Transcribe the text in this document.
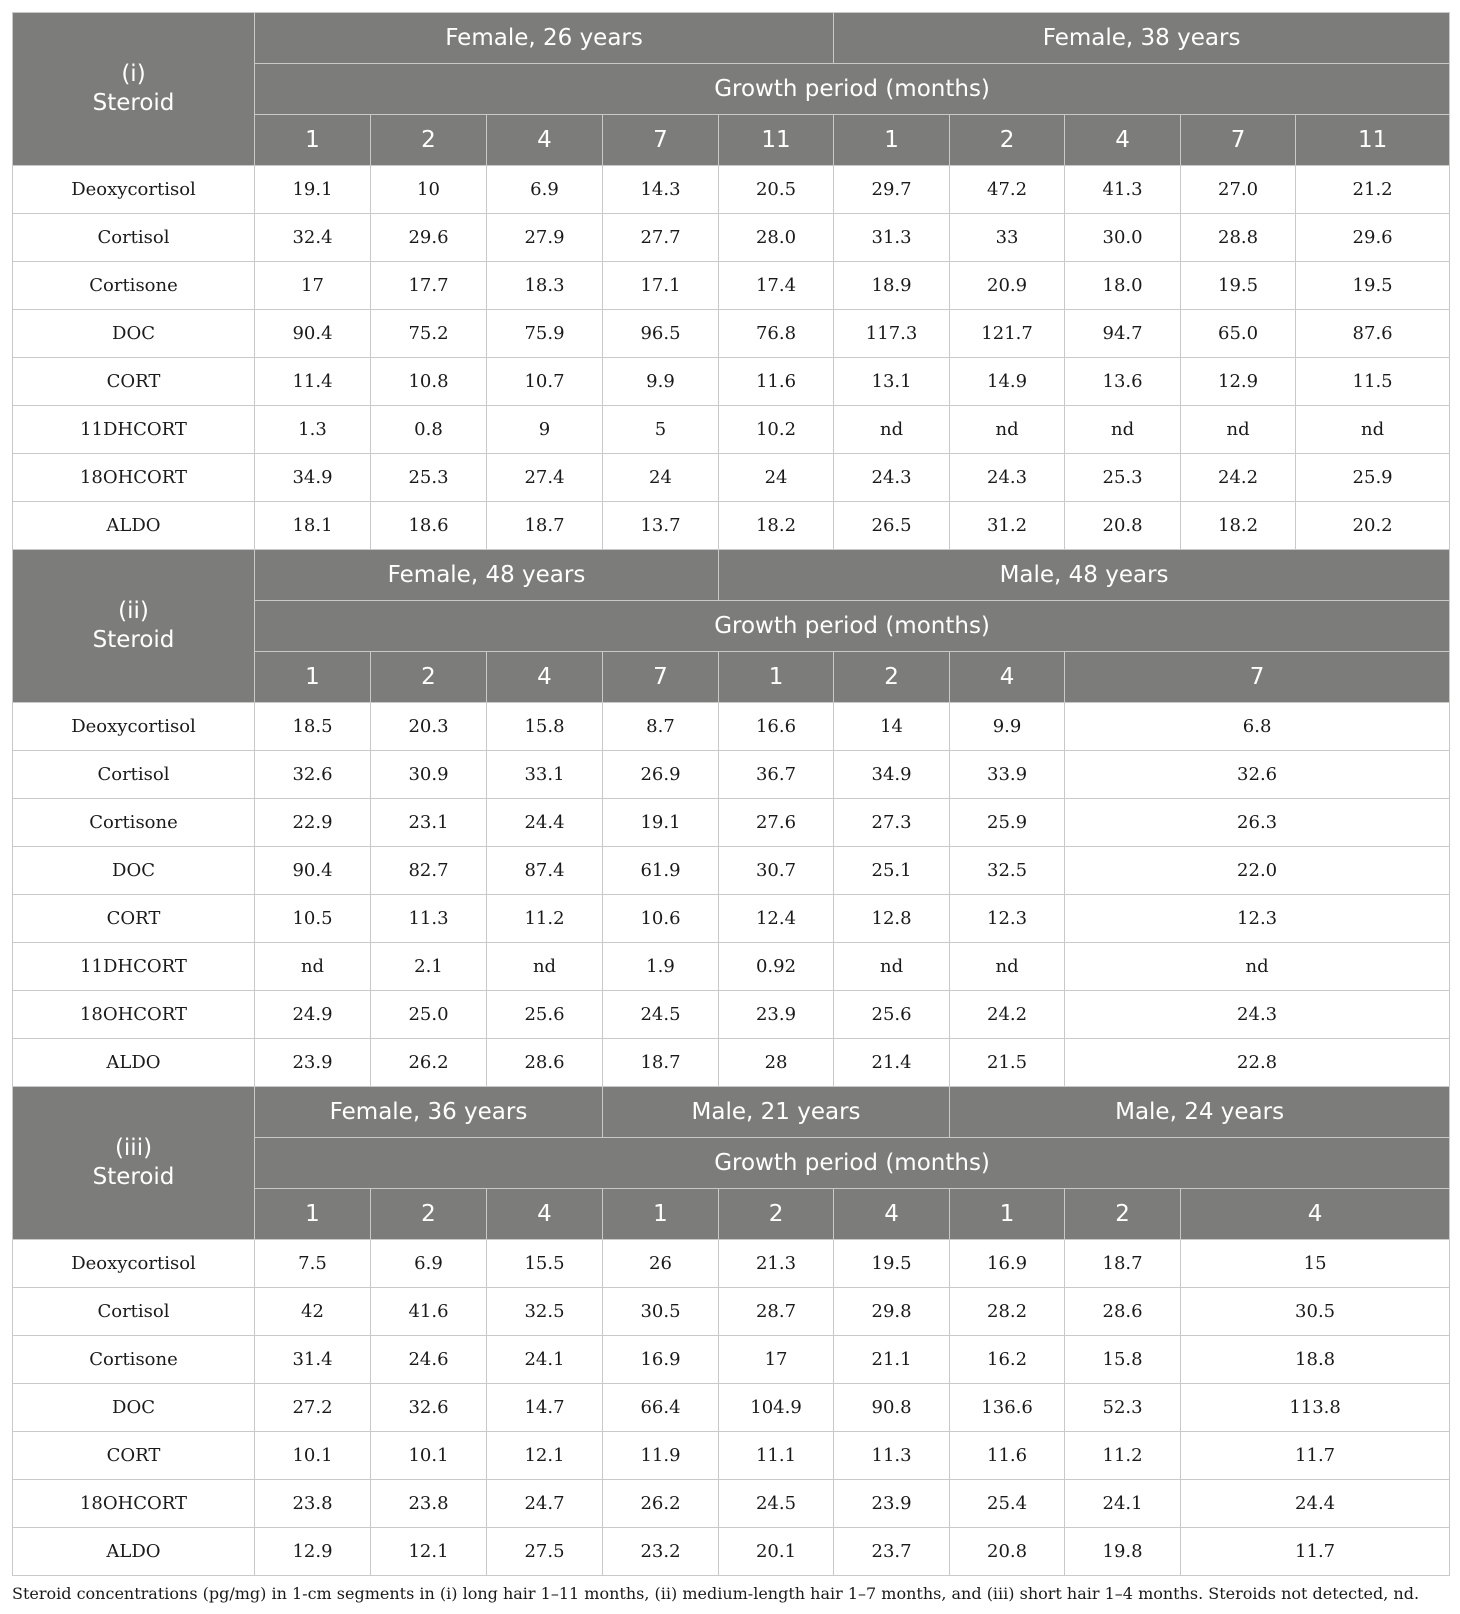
(i)
Steroid	Female, 26 years					Female, 38 years				
	Growth period (months)									
	1	2	4	7	11	1	2	4	7	11
Deoxycortisol	19.1	10	6.9	14.3	20.5	29.7	47.2	41.3	27.0	21.2
Cortisol	32.4	29.6	27.9	27.7	28.0	31.3	33	30.0	28.8	29.6
Cortisone	17	17.7	18.3	17.1	17.4	18.9	20.9	18.0	19.5	19.5
DOC	90.4	75.2	75.9	96.5	76.8	117.3	121.7	94.7	65.0	87.6
CORT	11.4	10.8	10.7	9.9	11.6	13.1	14.9	13.6	12.9	11.5
11DHCORT	1.3	0.8	9	5	10.2	nd	nd	nd	nd	nd
18OHCORT	34.9	25.3	27.4	24	24	24.3	24.3	25.3	24.2	25.9
ALDO	18.1	18.6	18.7	13.7	18.2	26.5	31.2	20.8	18.2	20.2

(ii)
Steroid	Female, 48 years				Male, 48 years					
	Growth period (months)									
	1	2	4	7	1	2	4	7		
Deoxycortisol	18.5	20.3	15.8	8.7	16.6	14	9.9	6.8		
Cortisol	32.6	30.9	33.1	26.9	36.7	34.9	33.9	32.6		
Cortisone	22.9	23.1	24.4	19.1	27.6	27.3	25.9	26.3		
DOC	90.4	82.7	87.4	61.9	30.7	25.1	32.5	22.0		
CORT	10.5	11.3	11.2	10.6	12.4	12.8	12.3	12.3		
11DHCORT	nd	2.1	nd	1.9	0.92	nd	nd	nd		
18OHCORT	24.9	25.0	25.6	24.5	23.9	25.6	24.2	24.3		
ALDO	23.9	26.2	28.6	18.7	28	21.4	21.5	22.8		

(iii)
Steroid	Female, 36 years			Male, 21 years			Male, 24 years			
	Growth period (months)									
	1	2	4	1	2	4	1	2	4	
Deoxycortisol	7.5	6.9	15.5	26	21.3	19.5	16.9	18.7	15	
Cortisol	42	41.6	32.5	30.5	28.7	29.8	28.2	28.6	30.5	
Cortisone	31.4	24.6	24.1	16.9	17	21.1	16.2	15.8	18.8	
DOC	27.2	32.6	14.7	66.4	104.9	90.8	136.6	52.3	113.8	
CORT	10.1	10.1	12.1	11.9	11.1	11.3	11.6	11.2	11.7	
18OHCORT	23.8	23.8	24.7	26.2	24.5	23.9	25.4	24.1	24.4	
ALDO	12.9	12.1	27.5	23.2	20.1	23.7	20.8	19.8	11.7	
Steroid concentrations (pg/mg) in 1-cm segments in (i) long hair 1–11 months, (ii) medium-length hair 1–7 months, and (iii) short hair 1–4 months. Steroids not detected, nd.
